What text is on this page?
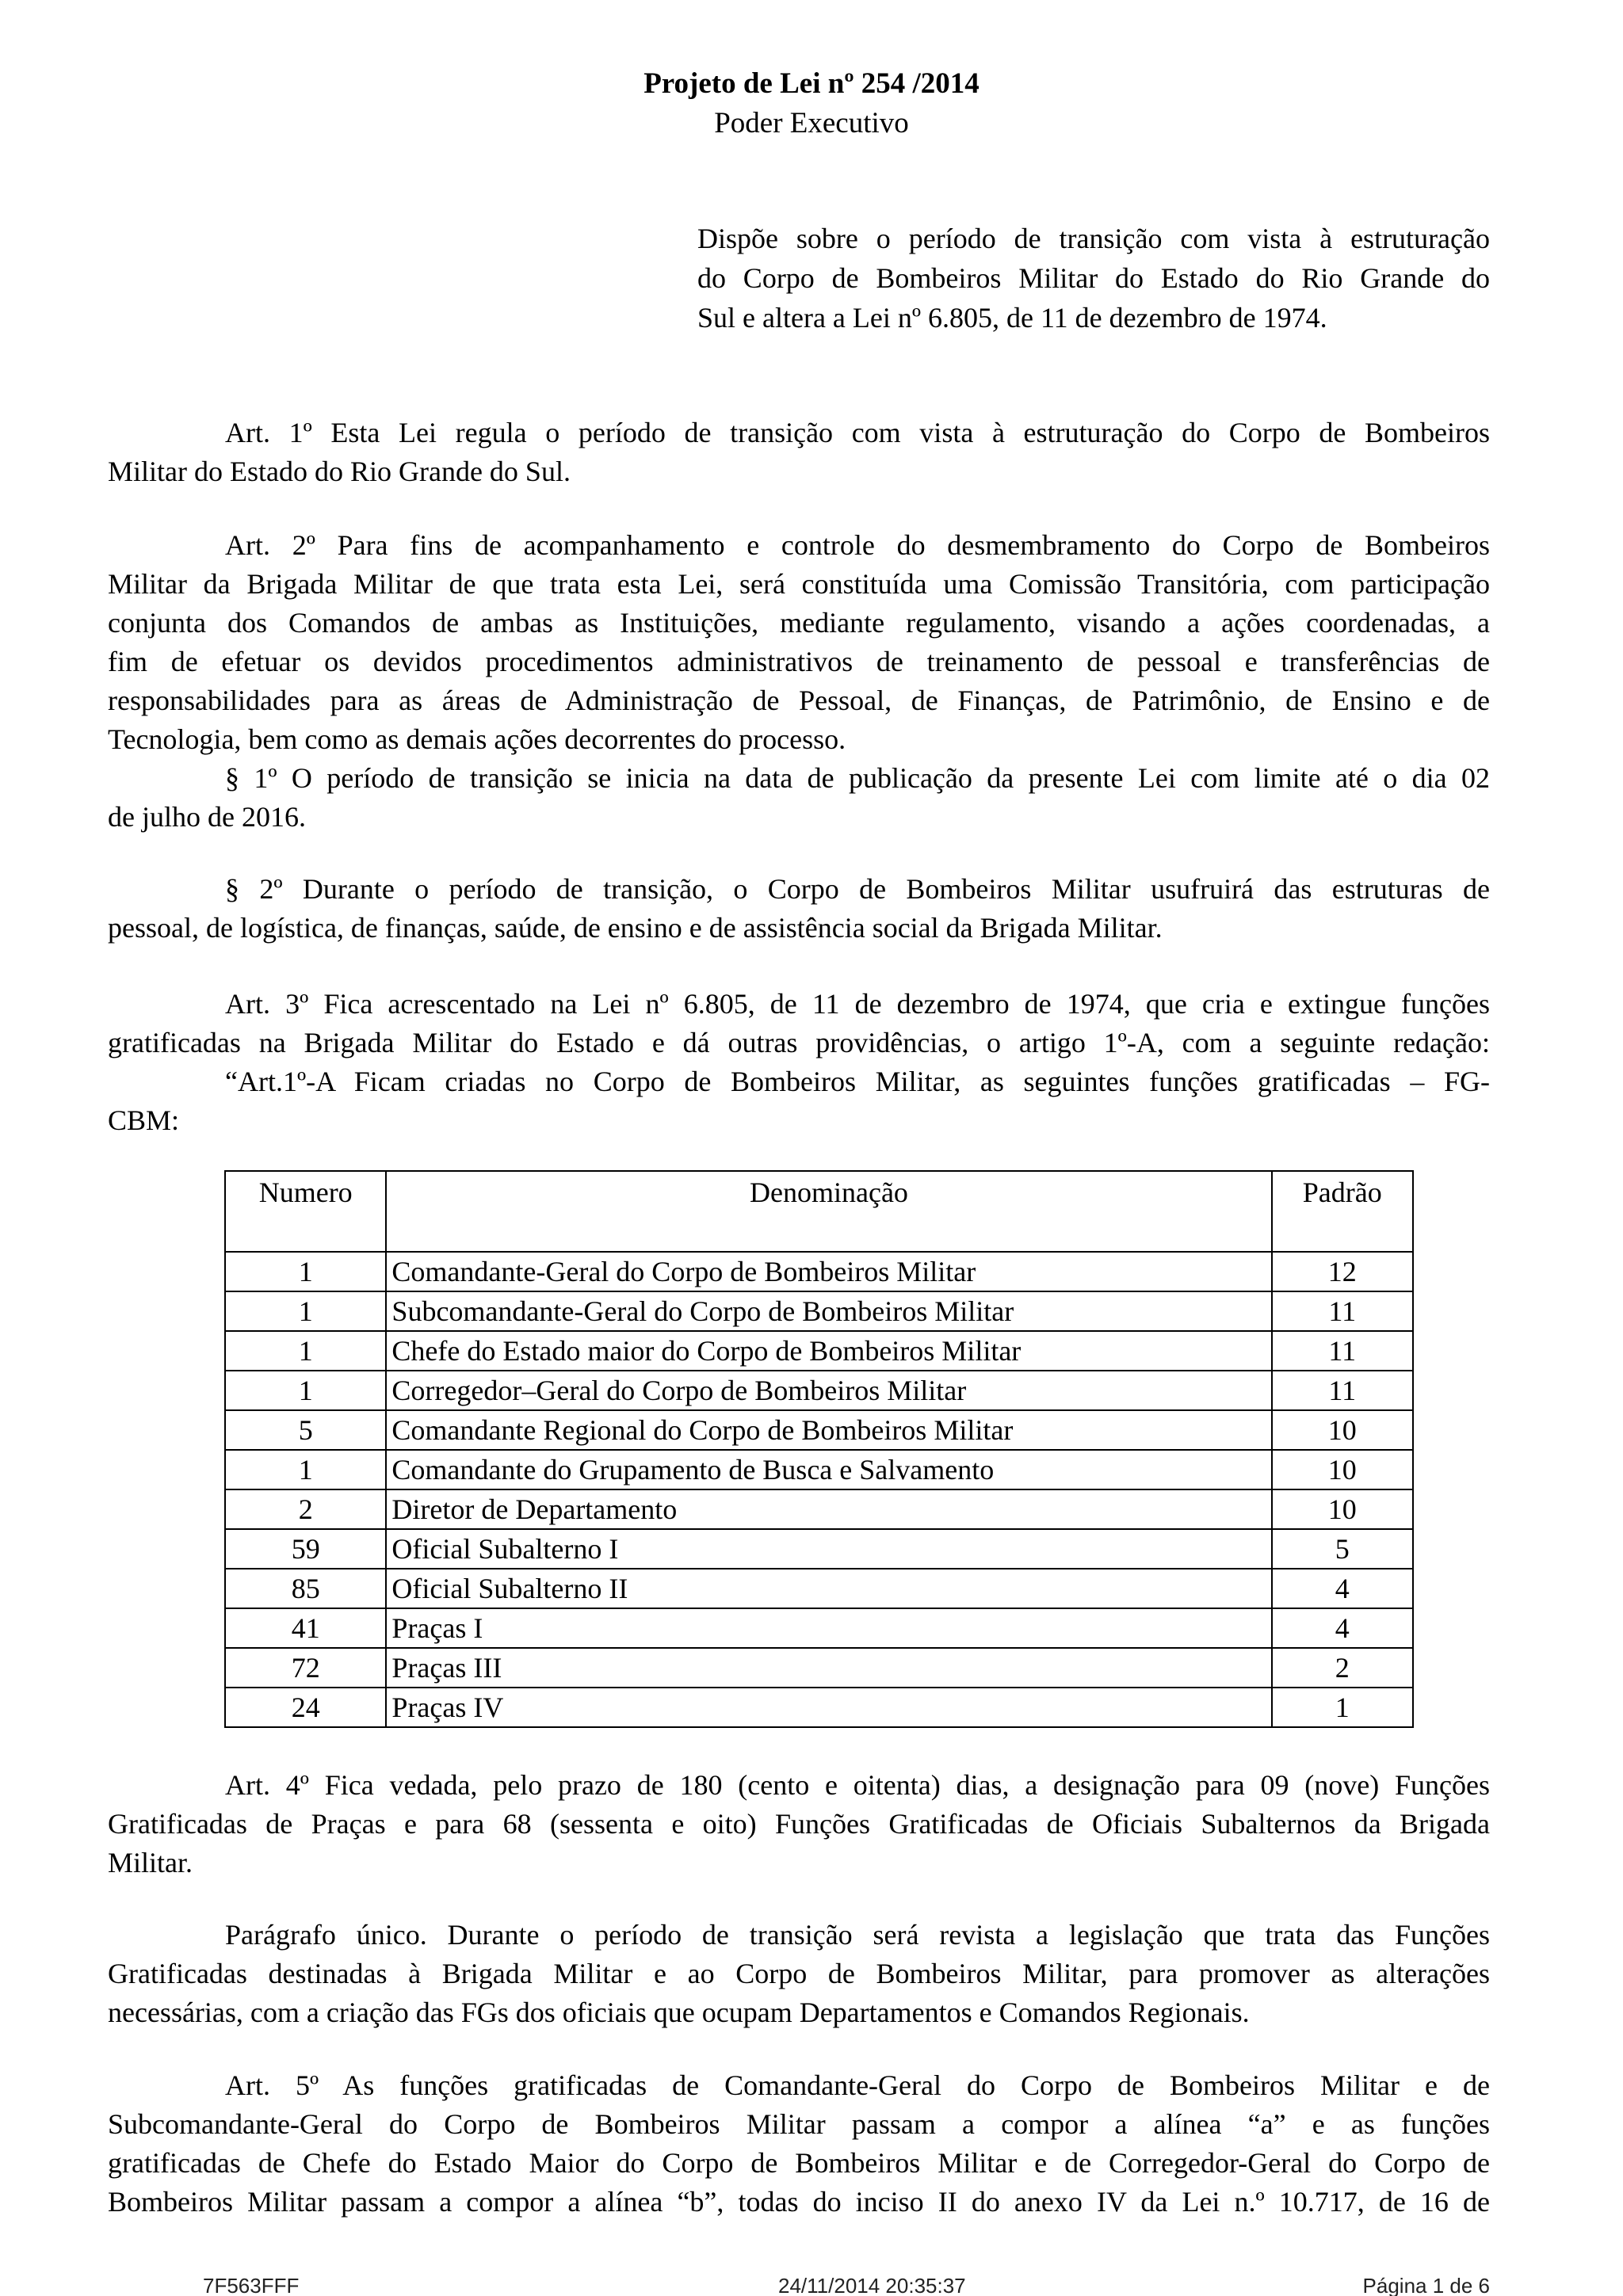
Projeto de Lei nº 254 /2014
Poder Executivo
Dispõe sobre o período de transição com vista à estruturação
do Corpo de Bombeiros Militar do Estado do Rio Grande do
Sul e altera a Lei nº 6.805, de 11 de dezembro de 1974.
Art. 1º Esta Lei regula o período de transição com vista à estruturação do Corpo de Bombeiros
Militar do Estado do Rio Grande do Sul.
Art. 2º Para fins de acompanhamento e controle do desmembramento do Corpo de Bombeiros
Militar da Brigada Militar de que trata esta Lei, será constituída uma Comissão Transitória, com participação
conjunta dos Comandos de ambas as Instituições, mediante regulamento, visando a ações coordenadas, a
fim de efetuar os devidos procedimentos administrativos de treinamento de pessoal e transferências de
responsabilidades para as áreas de Administração de Pessoal, de Finanças, de Patrimônio, de Ensino e de
Tecnologia, bem como as demais ações decorrentes do processo.
§ 1º O período de transição se inicia na data de publicação da presente Lei com limite até o dia 02
de julho de 2016.
§ 2º Durante o período de transição, o Corpo de Bombeiros Militar usufruirá das estruturas de
pessoal, de logística, de finanças, saúde, de ensino e de assistência social da Brigada Militar.
Art. 3º Fica acrescentado na Lei nº 6.805, de 11 de dezembro de 1974, que cria e extingue funções
gratificadas na Brigada Militar do Estado e dá outras providências, o artigo 1º-A, com a seguinte redação:
“Art.1º-A Ficam criadas no Corpo de Bombeiros Militar, as seguintes funções gratificadas – FG-
CBM:
Numero	Denominação	Padrão
1	Comandante-Geral do Corpo de Bombeiros Militar	12
1	Subcomandante-Geral do Corpo de Bombeiros Militar	11
1	Chefe do Estado maior do Corpo de Bombeiros Militar	11
1	Corregedor–Geral do Corpo de Bombeiros Militar	11
5	Comandante Regional do Corpo de Bombeiros Militar	10
1	Comandante do Grupamento de Busca e Salvamento	10
2	Diretor de Departamento	10
59	Oficial Subalterno I	5
85	Oficial Subalterno II	4
41	Praças I	4
72	Praças III	2
24	Praças IV	1
Art. 4º Fica vedada, pelo prazo de 180 (cento e oitenta) dias, a designação para 09 (nove) Funções
Gratificadas de Praças e para 68 (sessenta e oito) Funções Gratificadas de Oficiais Subalternos da Brigada
Militar.
Parágrafo único. Durante o período de transição será revista a legislação que trata das Funções
Gratificadas destinadas à Brigada Militar e ao Corpo de Bombeiros Militar, para promover as alterações
necessárias, com a criação das FGs dos oficiais que ocupam Departamentos e Comandos Regionais.
Art. 5º As funções gratificadas de Comandante-Geral do Corpo de Bombeiros Militar e de
Subcomandante-Geral do Corpo de Bombeiros Militar passam a compor a alínea “a” e as funções
gratificadas de Chefe do Estado Maior do Corpo de Bombeiros Militar e de Corregedor-Geral do Corpo de
Bombeiros Militar passam a compor a alínea “b”, todas do inciso II do anexo IV da Lei n.º 10.717, de 16 de
7F563FFF	24/11/2014 20:35:37	Página 1 de 6
